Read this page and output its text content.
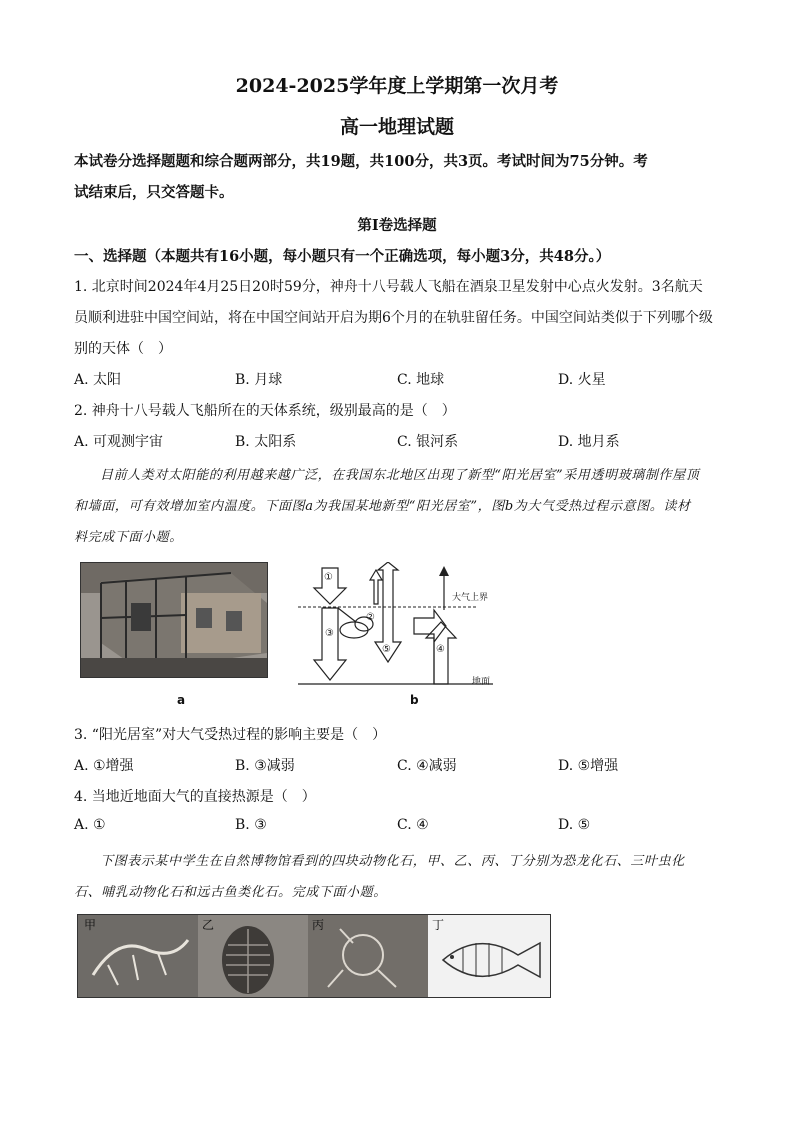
2024-2025学年度上学期第一次月考
高一地理试题
本试卷分选择题题和综合题两部分，共19题，共100分，共3页。考试时间为75分钟。考
试结束后，只交答题卡。
第Ⅰ卷选择题
一、选择题（本题共有16小题，每小题只有一个正确选项，每小题3分，共48分。）
1. 北京时间2024年4月25日20时59分，神舟十八号载人飞船在酒泉卫星发射中心点火发射。3名航天
员顺利进驻中国空间站，将在中国空间站开启为期6个月的在轨驻留任务。中国空间站类似于下列哪个级
别的天体（　）
A. 太阳	B. 月球	C. 地球	D. 火星
2. 神舟十八号载人飞船所在的天体系统，级别最高的是（　）
A. 可观测宇宙	B. 太阳系	C. 银河系	D. 地月系
目前人类对太阳能的利用越来越广泛，在我国东北地区出现了新型“阳光居室”采用透明玻璃制作屋顶
和墙面，可有效增加室内温度。下面图a为我国某地新型“阳光居室”，图b为大气受热过程示意图。读材
料完成下面小题。
a
①
③
②
⑤	④
大气上界
地面
b
3. “阳光居室”对大气受热过程的影响主要是（　）
A. ①增强	B. ③减弱	C. ④减弱	D. ⑤增强
4. 当地近地面大气的直接热源是（　）
A. ①	B. ③	C. ④	D. ⑤
下图表示某中学生在自然博物馆看到的四块动物化石，甲、乙、丙、丁分别为恐龙化石、三叶虫化
石、哺乳动物化石和远古鱼类化石。完成下面小题。
甲	乙	丙	丁
